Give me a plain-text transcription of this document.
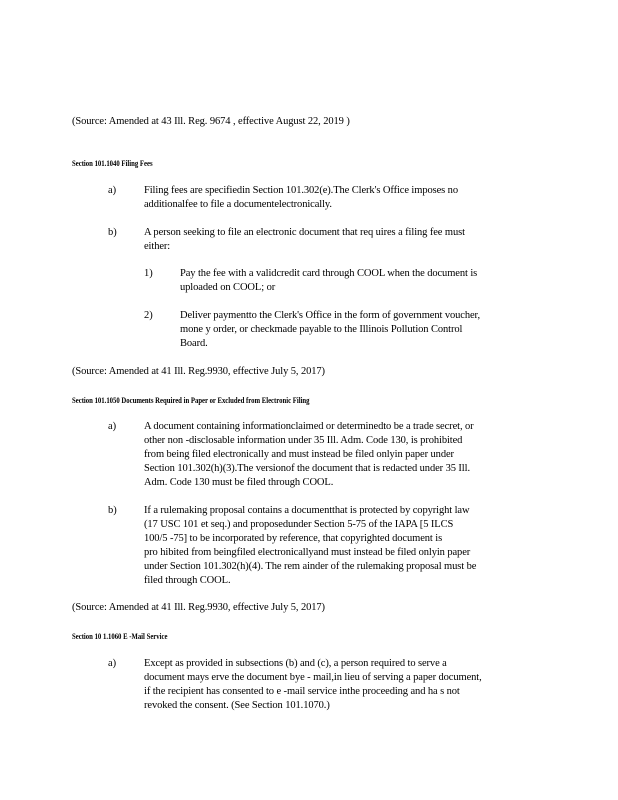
(Source: Amended at 43 Ill. Reg. 9674 , effective August 22, 2019 )
Section 101.1040 Filing Fees
a)	Filing fees are specifiedin Section 101.302(e).The Clerk's Office imposes no
additionalfee to file a documentelectronically.
b)	A person seeking to file an electronic document that req uires a filing fee must
either:
1)	Pay the fee with a validcredit card through COOL when the document is
uploaded on COOL; or
2)	Deliver paymentto the Clerk's Office in the form of government voucher,
mone y order, or checkmade payable to the Illinois Pollution Control
Board.
(Source: Amended at 41 Ill. Reg.9930, effective July 5, 2017)
Section 101.1050 Documents Required in Paper or Excluded from Electronic Filing
a)	A document containing informationclaimed or determinedto be a trade secret, or
other non -disclosable information under 35 Ill. Adm. Code 130, is prohibited
from being filed electronically and must instead be filed onlyin paper under
Section 101.302(h)(3).The versionof the document that is redacted under 35 Ill.
Adm. Code 130 must be filed through COOL.
b)	If a rulemaking proposal contains a documentthat is protected by copyright law
(17 USC 101 et seq.) and proposedunder Section 5-75 of the IAPA [5 ILCS
100/5 -75] to be incorporated by reference, that copyrighted document is
pro hibited from beingfiled electronicallyand must instead be filed onlyin paper
under Section 101.302(h)(4). The rem ainder of the rulemaking proposal must be
filed through COOL.
(Source: Amended at 41 Ill. Reg.9930, effective July 5, 2017)
Section 10 1.1060 E -Mail Service
a)	Except as provided in subsections (b) and (c), a person required to serve a
document mays erve the document bye - mail,in lieu of serving a paper document,
if the recipient has consented to e -mail service inthe proceeding and ha s not
revoked the consent. (See Section 101.1070.)
